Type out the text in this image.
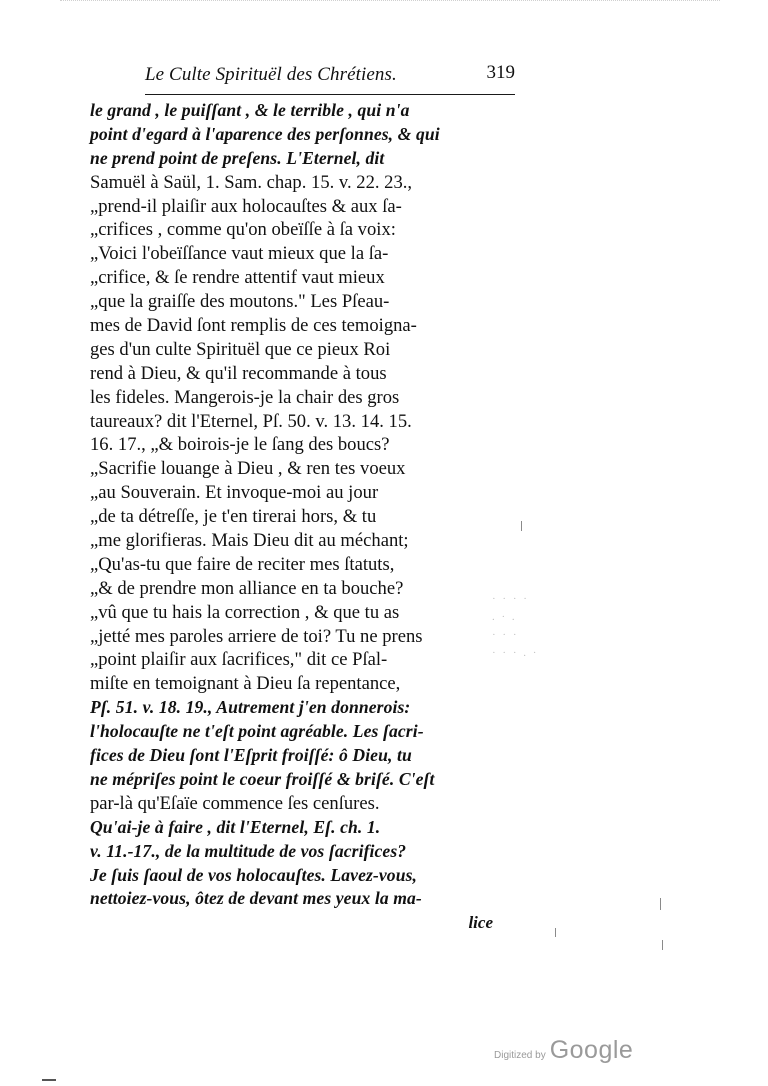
Le Culte Spirituël des Chrétiens.	319
le grand , le puiſſant , & le terrible , qui n'a
point d'egard à l'aparence des perſonnes, & qui
ne prend point de preſens. L'Eternel, dit
Samuël à Saül, 1. Sam. chap. 15. v. 22. 23.,
„prend-il plaiſir aux holocauſtes & aux ſa-
„crifices , comme qu'on obeïſſe à ſa voix:
„Voici l'obeïſſance vaut mieux que la ſa-
„crifice, & ſe rendre attentif vaut mieux
„que la graiſſe des moutons." Les Pſeau-
mes de David ſont remplis de ces temoigna-
ges d'un culte Spirituël que ce pieux Roi
rend à Dieu, & qu'il recommande à tous
les fideles. Mangerois-je la chair des gros
taureaux? dit l'Eternel, Pſ. 50. v. 13. 14. 15.
16. 17., „& boirois-je le ſang des boucs?
„Sacrifie louange à Dieu , & ren tes voeux
„au Souverain. Et invoque-moi au jour
„de ta détreſſe, je t'en tirerai hors, & tu
„me glorifieras. Mais Dieu dit au méchant;
„Qu'as-tu que faire de reciter mes ſtatuts,
„& de prendre mon alliance en ta bouche?
„vû que tu hais la correction , & que tu as
„jetté mes paroles arriere de toi? Tu ne prens
„point plaiſir aux ſacrifices," dit ce Pſal-
miſte en temoignant à Dieu ſa repentance,
Pſ. 51. v. 18. 19., Autrement j'en donnerois:
l'holocauſte ne t'eſt point agréable. Les ſacri-
fices de Dieu ſont l'Eſprit froiſſé: ô Dieu, tu
ne mépriſes point le coeur froiſſé & briſé. C'eſt
par-là qu'Eſaïe commence ſes cenſures.
Qu'ai-je à faire , dit l'Eternel, Eſ. ch. 1.
v. 11.-17., de la multitude de vos ſacrifices?
Je ſuis ſaoul de vos holocauſtes. Lavez-vous,
nettoiez-vous, ôtez de devant mes yeux la ma-
lice
· · · ·
. · .
· · ·
· · · . ·
Digitized by Google
